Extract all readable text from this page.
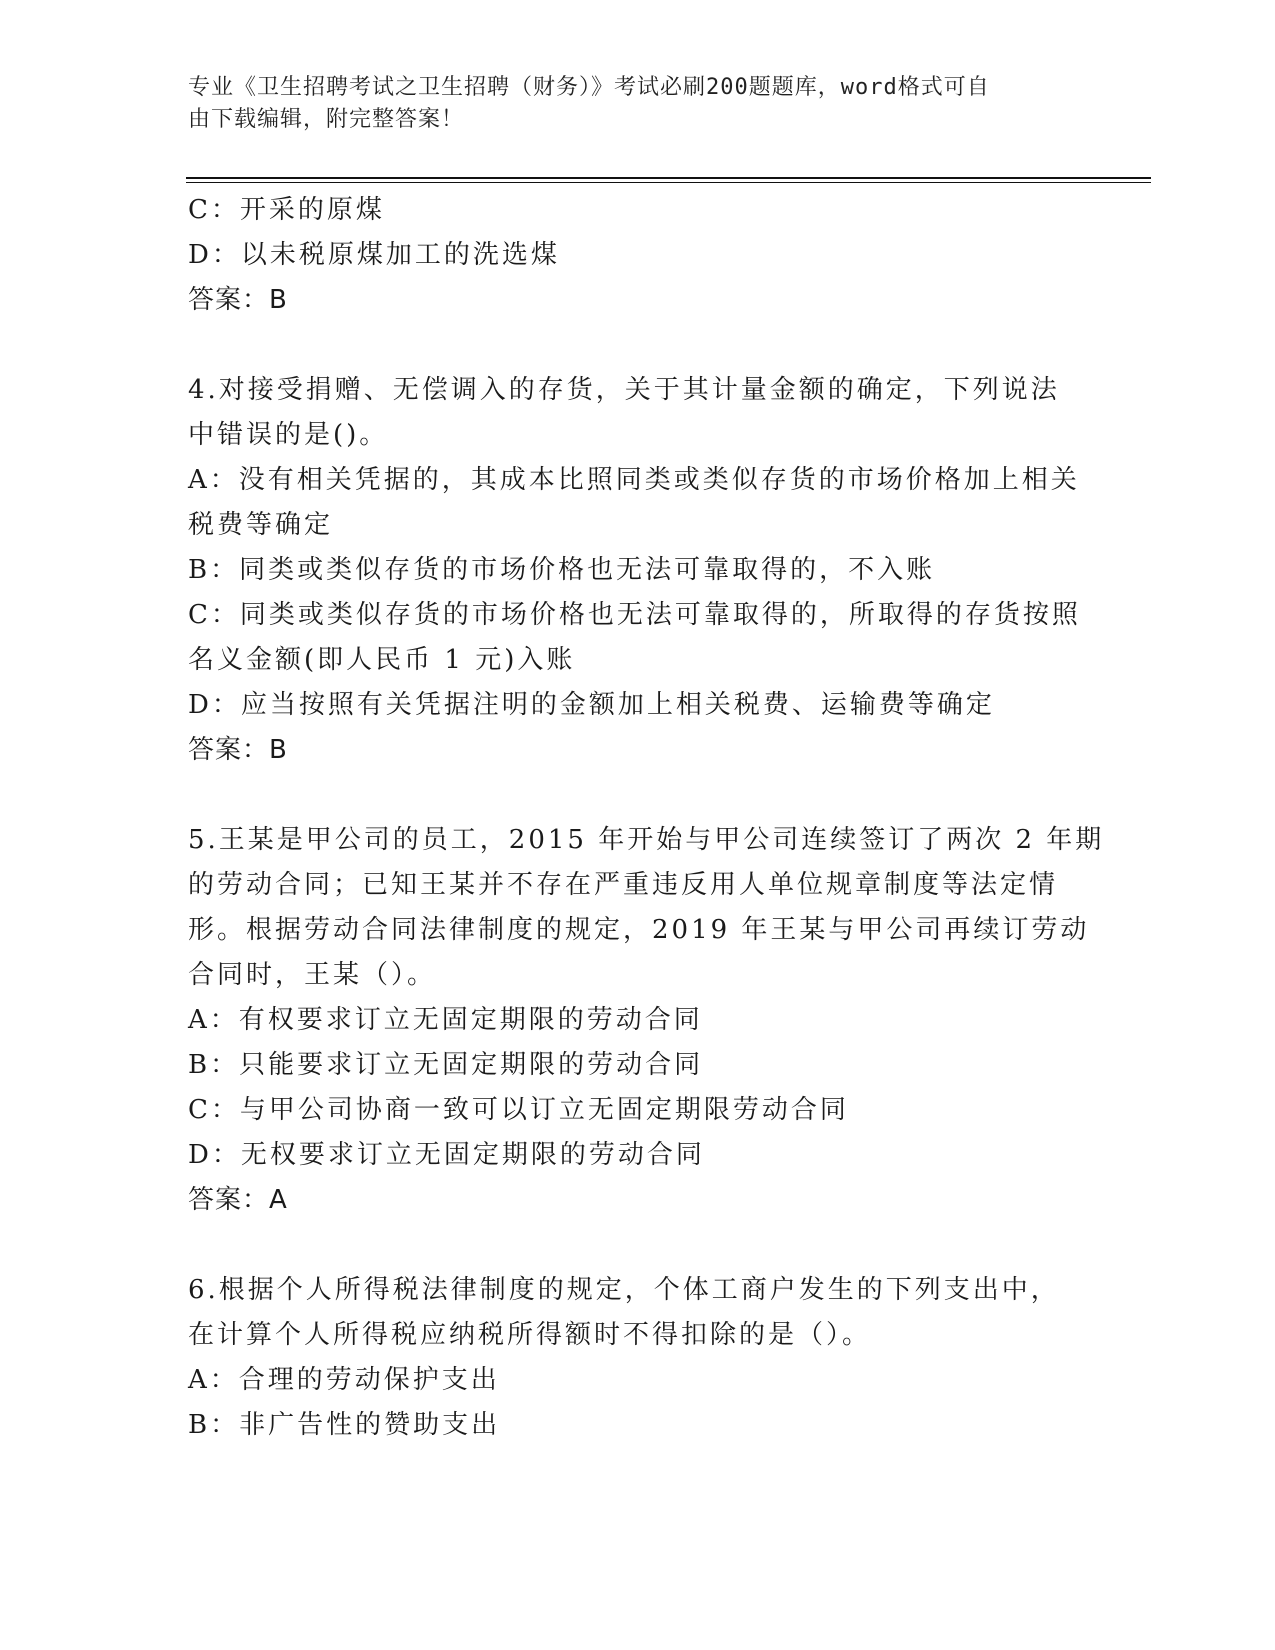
专业《卫生招聘考试之卫生招聘（财务）》考试必刷200题题库，word格式可自
由下载编辑，附完整答案！
C：开采的原煤
D：以未税原煤加工的洗选煤
答案：B
4.对接受捐赠、无偿调入的存货，关于其计量金额的确定，下列说法
中错误的是()。
A：没有相关凭据的，其成本比照同类或类似存货的市场价格加上相关
税费等确定
B：同类或类似存货的市场价格也无法可靠取得的，不入账
C：同类或类似存货的市场价格也无法可靠取得的，所取得的存货按照
名义金额(即人民币 1 元)入账
D：应当按照有关凭据注明的金额加上相关税费、运输费等确定
答案：B
5.王某是甲公司的员工，2015 年开始与甲公司连续签订了两次 2 年期
的劳动合同；已知王某并不存在严重违反用人单位规章制度等法定情
形。根据劳动合同法律制度的规定，2019 年王某与甲公司再续订劳动
合同时，王某（）。
A：有权要求订立无固定期限的劳动合同
B：只能要求订立无固定期限的劳动合同
C：与甲公司协商一致可以订立无固定期限劳动合同
D：无权要求订立无固定期限的劳动合同
答案：A
6.根据个人所得税法律制度的规定，个体工商户发生的下列支出中，
在计算个人所得税应纳税所得额时不得扣除的是（）。
A：合理的劳动保护支出
B：非广告性的赞助支出
